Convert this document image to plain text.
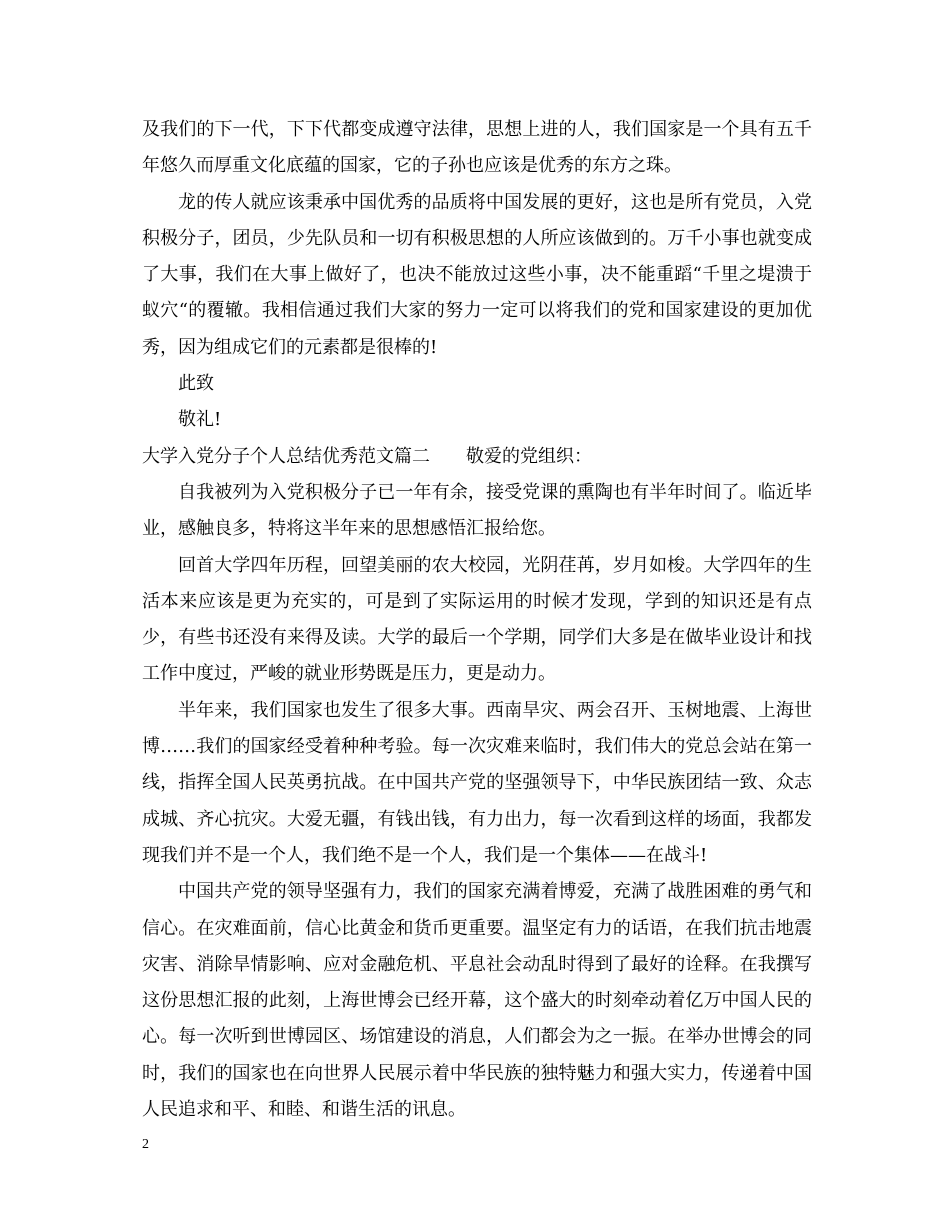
及我们的下一代，下下代都变成遵守法律，思想上进的人，我们国家是一个具有五千年悠久而厚重文化底蕴的国家，它的子孙也应该是优秀的东方之珠。

龙的传人就应该秉承中国优秀的品质将中国发展的更好，这也是所有党员，入党积极分子，团员，少先队员和一切有积极思想的人所应该做到的。万千小事也就变成了大事，我们在大事上做好了，也决不能放过这些小事，决不能重蹈“千里之堤溃于蚁穴“的覆辙。我相信通过我们大家的努力一定可以将我们的党和国家建设的更加优秀，因为组成它们的元素都是很棒的!

此致

敬礼!

大学入党分子个人总结优秀范文篇二　　敬爱的党组织：

自我被列为入党积极分子已一年有余，接受党课的熏陶也有半年时间了。临近毕业，感触良多，特将这半年来的思想感悟汇报给您。

回首大学四年历程，回望美丽的农大校园，光阴荏苒，岁月如梭。大学四年的生活本来应该是更为充实的，可是到了实际运用的时候才发现，学到的知识还是有点少，有些书还没有来得及读。大学的最后一个学期，同学们大多是在做毕业设计和找工作中度过，严峻的就业形势既是压力，更是动力。

半年来，我们国家也发生了很多大事。西南旱灾、两会召开、玉树地震、上海世博……我们的国家经受着种种考验。每一次灾难来临时，我们伟大的党总会站在第一线，指挥全国人民英勇抗战。在中国共产党的坚强领导下，中华民族团结一致、众志成城、齐心抗灾。大爱无疆，有钱出钱，有力出力，每一次看到这样的场面，我都发现我们并不是一个人，我们绝不是一个人，我们是一个集体——在战斗!

中国共产党的领导坚强有力，我们的国家充满着博爱，充满了战胜困难的勇气和信心。在灾难面前，信心比黄金和货币更重要。温坚定有力的话语，在我们抗击地震灾害、消除旱情影响、应对金融危机、平息社会动乱时得到了最好的诠释。在我撰写这份思想汇报的此刻，上海世博会已经开幕，这个盛大的时刻牵动着亿万中国人民的心。每一次听到世博园区、场馆建设的消息，人们都会为之一振。在举办世博会的同时，我们的国家也在向世界人民展示着中华民族的独特魅力和强大实力，传递着中国人民追求和平、和睦、和谐生活的讯息。

2
